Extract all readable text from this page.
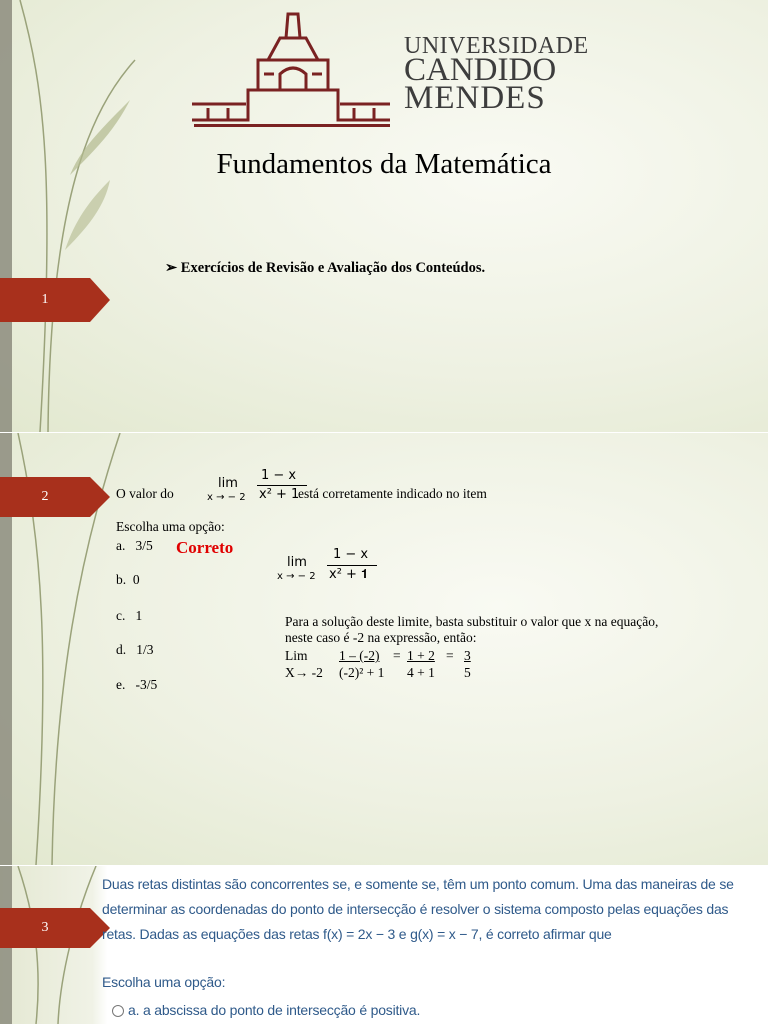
UNIVERSIDADE
CANDIDO
MENDES
Fundamentos da Matemática
➢ Exercícios de Revisão e Avaliação dos Conteúdos.
1
2	O valor do
lim
x → − 2
1 − x
x² + 1
está corretamente indicado no item
Escolha uma opção:
a. 3/5 Correto
b. 0
c. 1
d. 1/3
e. -3/5
lim
x → − 2
1 − x
x² + 𝟏
Para a solução deste limite, basta substituir o valor que x na equação,
neste caso é -2 na expressão, então:
Lim
X→ -2
1 – (-2) = 1 + 2 = 3
(-2)² + 1 4 + 1 5
3
Duas retas distintas são concorrentes se, e somente se, têm um ponto comum. Uma das maneiras de se
determinar as coordenadas do ponto de intersecção é resolver o sistema composto pelas equações das
retas. Dadas as equações das retas f(x) = 2x − 3 e g(x) = x − 7, é correto afirmar que
Escolha uma opção:
a. a abscissa do ponto de intersecção é positiva.
